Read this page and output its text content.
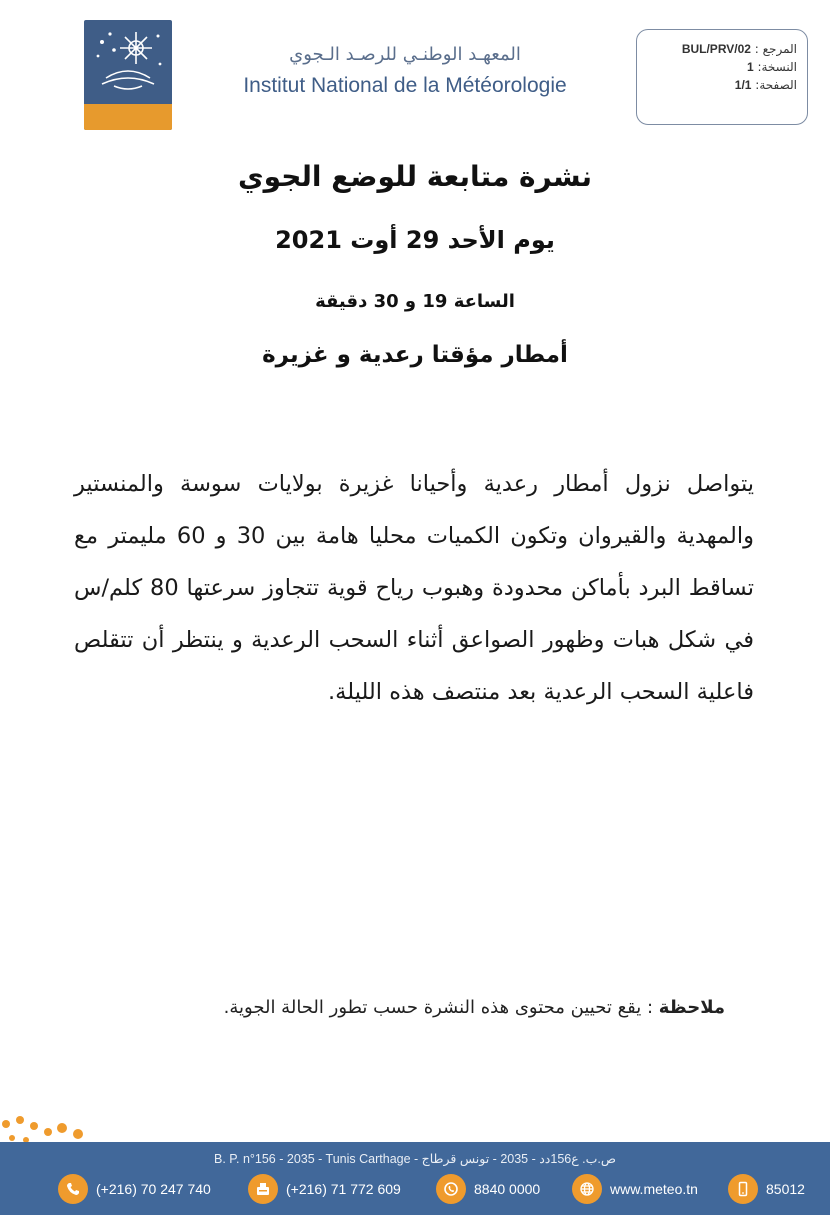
المعهـد الوطنـي للرصـد الـجوي
Institut National de la Météorologie
المرجع : BUL/PRV/02
النسخة: 1
الصفحة: 1/1
نشرة متابعة للوضع الجوي
يوم الأحد 29 أوت 2021
الساعة 19 و 30 دقيقة
أمطار مؤقتا رعدية و غزيرة
يتواصل نزول أمطار رعدية وأحيانا غزيرة بولايات سوسة والمنستير والمهدية والقيروان وتكون الكميات محليا هامة بين 30 و 60 مليمتر مع تساقط البرد بأماكن محدودة وهبوب رياح قوية تتجاوز سرعتها 80 كلم/س في شكل هبات وظهور الصواعق أثناء السحب الرعدية و ينتظر أن تتقلص فاعلية السحب الرعدية بعد منتصف هذه الليلة.
ملاحظة : يقع تحيين محتوى هذه النشرة حسب تطور الحالة الجوية.
B. P. n°156 - 2035 - Tunis Carthage - ص.ب. ع156دد - 2035 - تونس قرطاج
(+216) 70 247 740	(+216) 71 772 609	8840 0000	www.meteo.tn	85012
